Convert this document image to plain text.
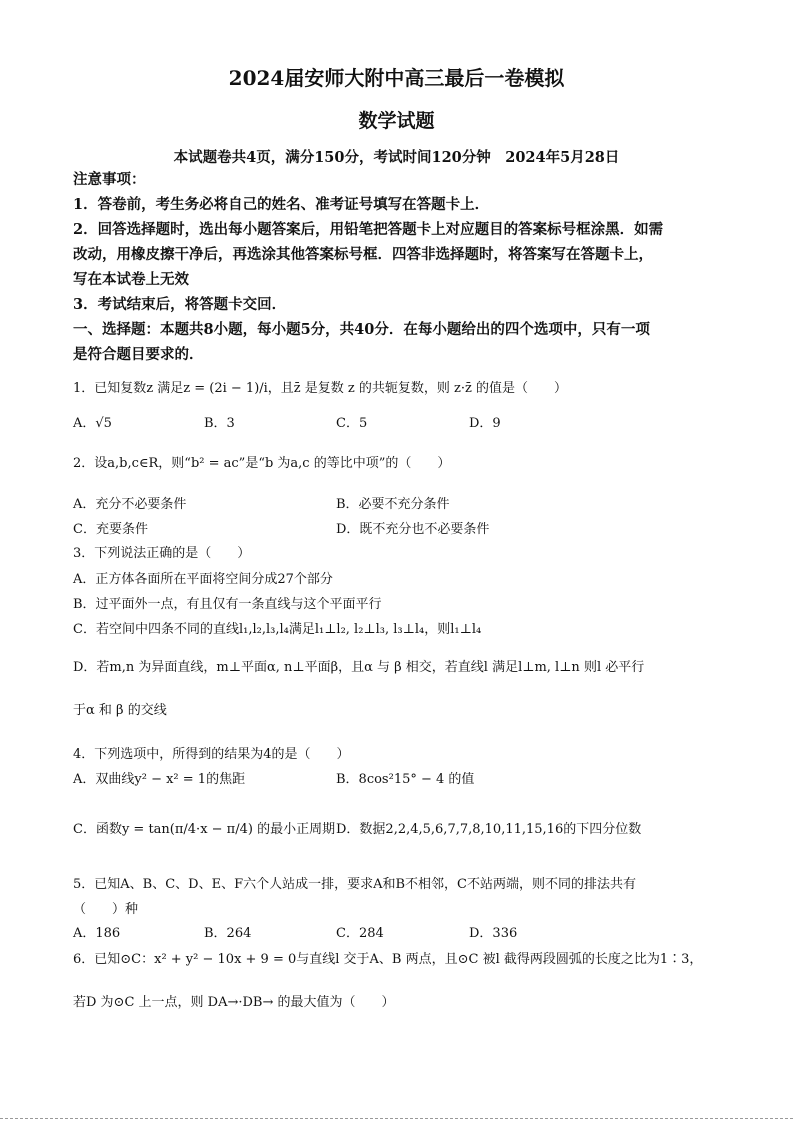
2024届安师大附中高三最后一卷模拟
数学试题
本试题卷共4页，满分150分，考试时间120分钟　2024年5月28日
注意事项：
1．答卷前，考生务必将自己的姓名、准考证号填写在答题卡上．
2．回答选择题时，选出每小题答案后，用铅笔把答题卡上对应题目的答案标号框涂黑．如需
改动，用橡皮擦干净后，再选涂其他答案标号框．四答非选择题时，将答案写在答题卡上，
写在本试卷上无效
3．考试结束后，将答题卡交回．
一、选择题：本题共8小题，每小题5分，共40分．在每小题给出的四个选项中，只有一项
是符合题目要求的．
1．已知复数z 满足z = (2i − 1)/i，且z̄ 是复数 z 的共轭复数，则 z·z̄ 的值是（　　）
A．√5	B．3	C．5	D．9
2．设a,b,c∈R，则“b² = ac”是“b 为a,c 的等比中项”的（　　）
A．充分不必要条件	B．必要不充分条件
C．充要条件	D．既不充分也不必要条件
3．下列说法正确的是（　　）
A．正方体各面所在平面将空间分成27个部分
B．过平面外一点，有且仅有一条直线与这个平面平行
C．若空间中四条不同的直线l₁,l₂,l₃,l₄满足l₁⊥l₂, l₂⊥l₃, l₃⊥l₄，则l₁⊥l₄
D．若m,n 为异面直线，m⊥平面α, n⊥平面β，且α 与 β 相交，若直线l 满足l⊥m, l⊥n 则l 必平行
于α 和 β 的交线
4．下列选项中，所得到的结果为4的是（　　）
A．双曲线y² − x² = 1的焦距	B．8cos²15° − 4 的值
C．函数y = tan(π/4·x − π/4) 的最小正周期 D．数据2,2,4,5,6,7,7,8,10,11,15,16的下四分位数
5．已知A、B、C、D、E、F六个人站成一排，要求A和B不相邻，C不站两端，则不同的排法共有
（　　）种
A．186	B．264	C．284	D．336
6．已知⊙C：x² + y² − 10x + 9 = 0与直线l 交于A、B 两点，且⊙C 被l 截得两段圆弧的长度之比为1∶3，
若D 为⊙C 上一点，则 DA→·DB→ 的最大值为（　　）
